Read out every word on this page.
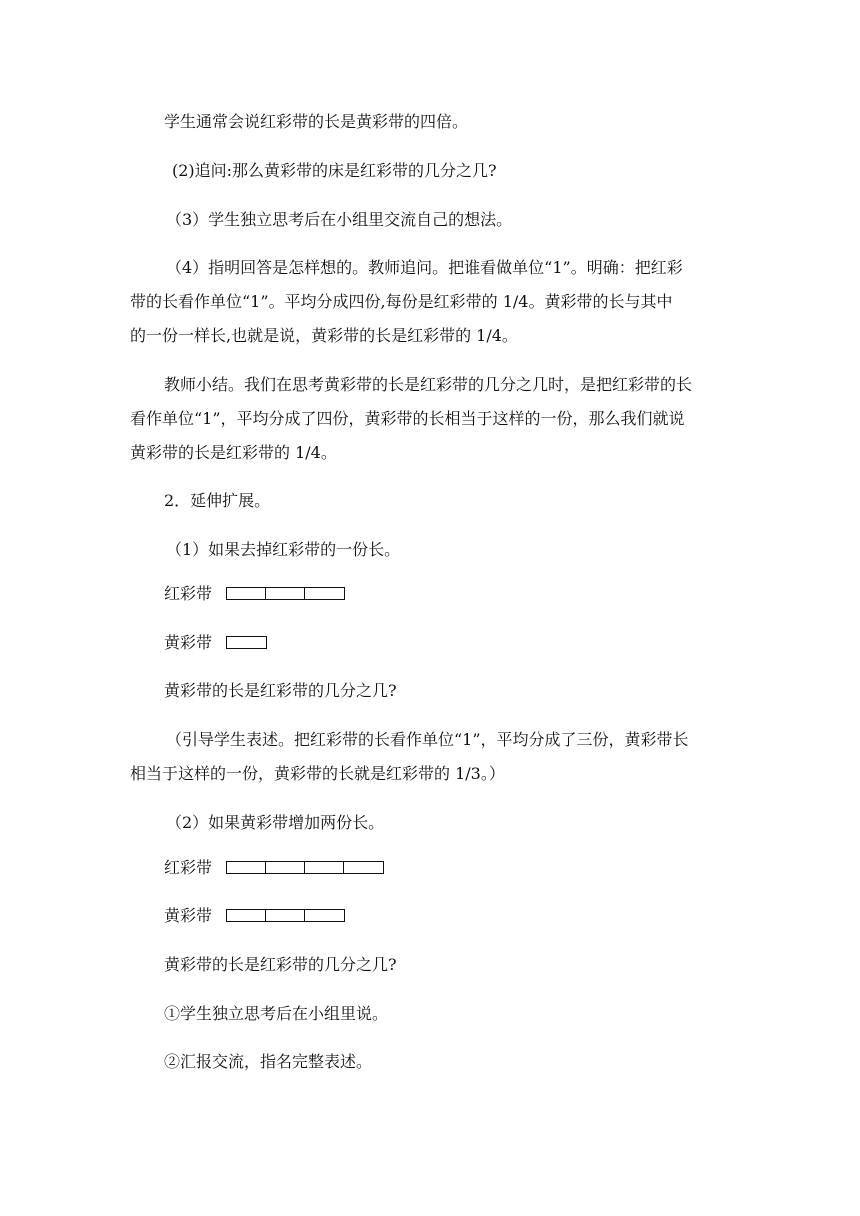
学生通常会说红彩带的长是黄彩带的四倍。
(2)追问:那么黄彩带的床是红彩带的几分之几?
（3）学生独立思考后在小组里交流自己的想法。
（4）指明回答是怎样想的。教师追问。把谁看做单位“1”。明确：把红彩
带的长看作单位“1”。平均分成四份,每份是红彩带的 1/4。黄彩带的长与其中
的一份一样长,也就是说，黄彩带的长是红彩带的 1/4。
教师小结。我们在思考黄彩带的长是红彩带的几分之几时，是把红彩带的长
看作单位“1”，平均分成了四份，黄彩带的长相当于这样的一份，那么我们就说
黄彩带的长是红彩带的 1/4。
2．延伸扩展。
（1）如果去掉红彩带的一份长。
红彩带
黄彩带
黄彩带的长是红彩带的几分之几?
（引导学生表述。把红彩带的长看作单位“1”，平均分成了三份，黄彩带长
相当于这样的一份，黄彩带的长就是红彩带的 1/3。）
（2）如果黄彩带增加两份长。
红彩带
黄彩带
黄彩带的长是红彩带的几分之几?
①学生独立思考后在小组里说。
②汇报交流，指名完整表述。
